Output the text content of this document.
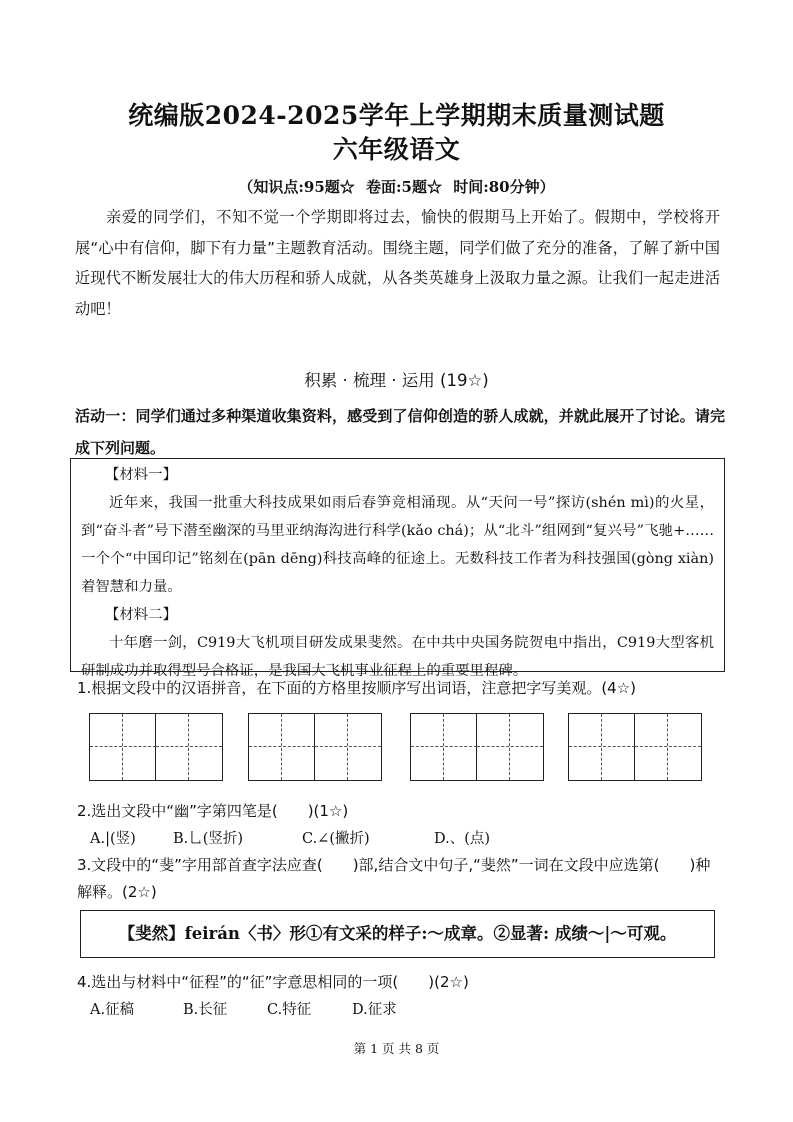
统编版2024-2025学年上学期期末质量测试题
六年级语文
（知识点:95题☆ 卷面:5题☆ 时间:80分钟）
亲爱的同学们，不知不觉一个学期即将过去，愉快的假期马上开始了。假期中，学校将开展“心中有信仰，脚下有力量”主题教育活动。围绕主题，同学们做了充分的准备，了解了新中国近现代不断发展壮大的伟大历程和骄人成就，从各类英雄身上汲取力量之源。让我们一起走进活动吧！
积累 · 梳理 · 运用 (19☆)
活动一：同学们通过多种渠道收集资料，感受到了信仰创造的骄人成就，并就此展开了讨论。请完成下列问题。
【材料一】
近年来，我国一批重大科技成果如雨后春笋竞相涌现。从“天问一号”探访(shén mì)的火星，到“奋斗者”号下潜至幽深的马里亚纳海沟进行科学(kǎo chá)；从“北斗”组网到“复兴号”飞驰+……一个个“中国印记”铭刻在(pān dēng)科技高峰的征途上。无数科技工作者为科技强国(gòng xiàn)着智慧和力量。
【材料二】
十年磨一剑，C919大飞机项目研发成果斐然。在中共中央国务院贺电中指出，C919大型客机研制成功并取得型号合格证，是我国大飞机事业征程上的重要里程碑。
1.根据文段中的汉语拼音，在下面的方格里按顺序写出词语，注意把字写美观。(4☆)
2.选出文段中“幽”字第四笔是(　　)(1☆)
A.|(竖)	B.乚(竖折)	C.∠(撇折)	D.、(点)
3.文段中的“斐”字用部首查字法应查(　　)部,结合文中句子,“斐然”一词在文段中应选第(　　)种解释。(2☆)
【斐然】feirán〈书〉形①有文采的样子:～成章。②显著: 成绩～|～可观。
4.选出与材料中“征程”的“征”字意思相同的一项(　　)(2☆)
A.征稿	B.长征	C.特征	D.征求
第 1 页 共 8 页
